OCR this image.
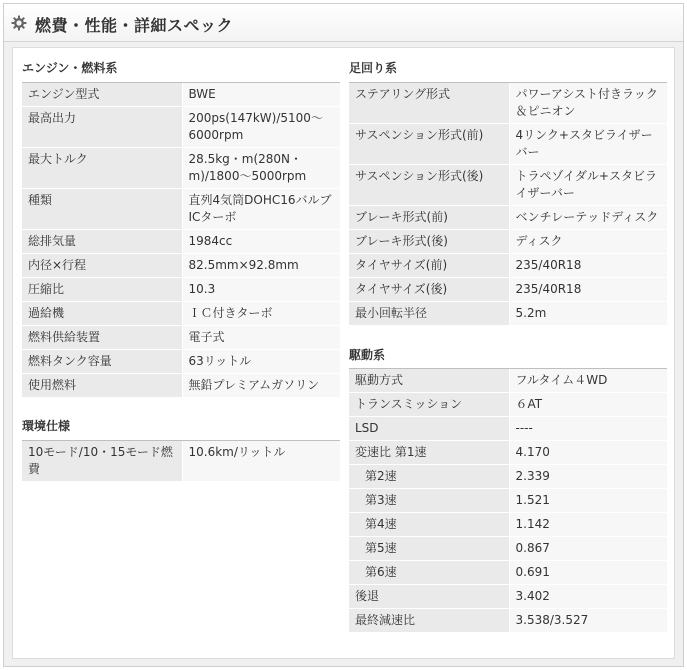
燃費・性能・詳細スペック
エンジン・燃料系
エンジン型式	BWE
最高出力	200ps(147kW)/5100～6000rpm
最大トルク	28.5kg・m(280N・m)/1800～5000rpm
種類	直列4気筒DOHC16バルブICターボ
総排気量	1984cc
内径×行程	82.5mm×92.8mm
圧縮比	10.3
過給機	ＩＣ付きターボ
燃料供給装置	電子式
燃料タンク容量	63リットル
使用燃料	無鉛プレミアムガソリン
環境仕様
10モード/10・15モード燃費	10.6km/リットル
足回り系
ステアリング形式	パワーアシスト付きラック＆ピニオン
サスペンション形式(前)	4リンク+スタビライザーバー
サスペンション形式(後)	トラペゾイダル+スタビライザーバー
ブレーキ形式(前)	ベンチレーテッドディスク
ブレーキ形式(後)	ディスク
タイヤサイズ(前)	235/40R18
タイヤサイズ(後)	235/40R18
最小回転半径	5.2m
駆動系
駆動方式	フルタイム４WD
トランスミッション	６AT
LSD	----
変速比 第1速	4.170
第2速	2.339
第3速	1.521
第4速	1.142
第5速	0.867
第6速	0.691
後退	3.402
最終減速比	3.538/3.527
